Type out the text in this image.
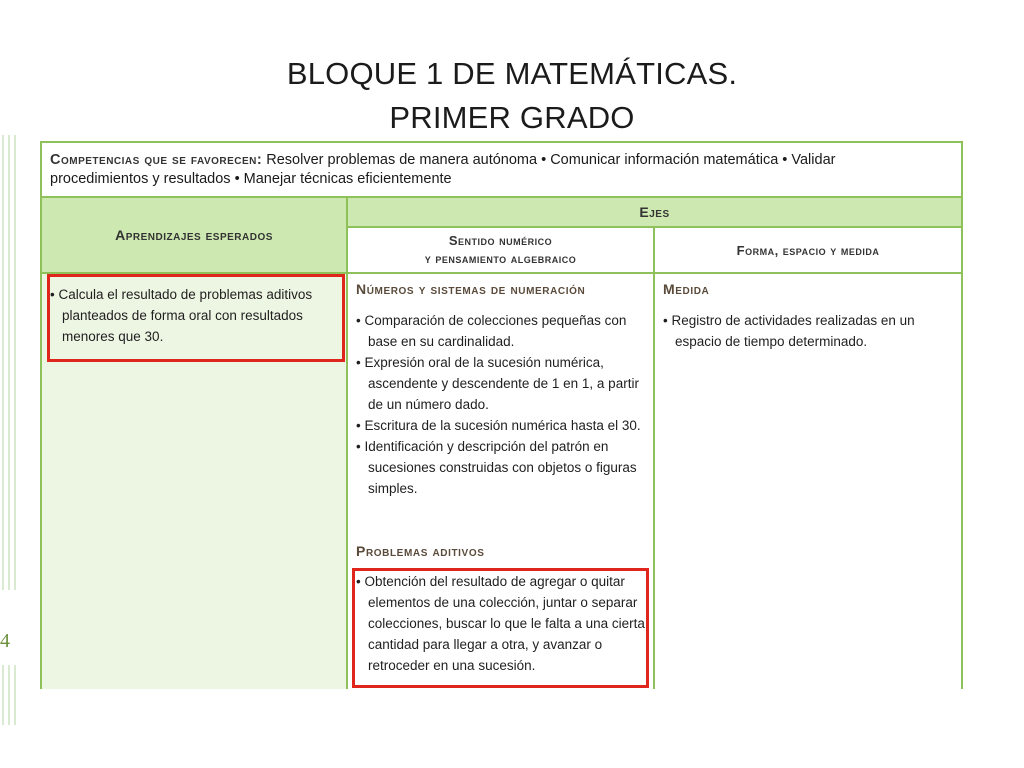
BLOQUE 1 DE MATEMÁTICAS.
PRIMER GRADO
4
Competencias que se favorecen: Resolver problemas de manera autónoma • Comunicar información matemática • Validar
procedimientos y resultados • Manejar técnicas eficientemente
Aprendizajes esperados
Ejes
Sentido numérico
y pensamiento algebraico
Forma, espacio y medida

• Calcula el resultado de problemas aditivos planteados de forma oral con resultados menores que 30.

Números y sistemas de numeración

• Comparación de colecciones pequeñas con base en su cardinalidad.

• Expresión oral de la sucesión numérica, ascendente y descendente de 1 en 1, a partir de un número dado.

• Escritura de la sucesión numérica hasta el 30.

• Identificación y descripción del patrón en sucesiones construidas con objetos o figuras simples.

Problemas aditivos

• Obtención del resultado de agregar o quitar elementos de una colección, juntar o separar colecciones, buscar lo que le falta a una cierta cantidad para llegar a otra, y avanzar o retroceder en una sucesión.

Medida

• Registro de actividades realizadas en un espacio de tiempo determinado.
